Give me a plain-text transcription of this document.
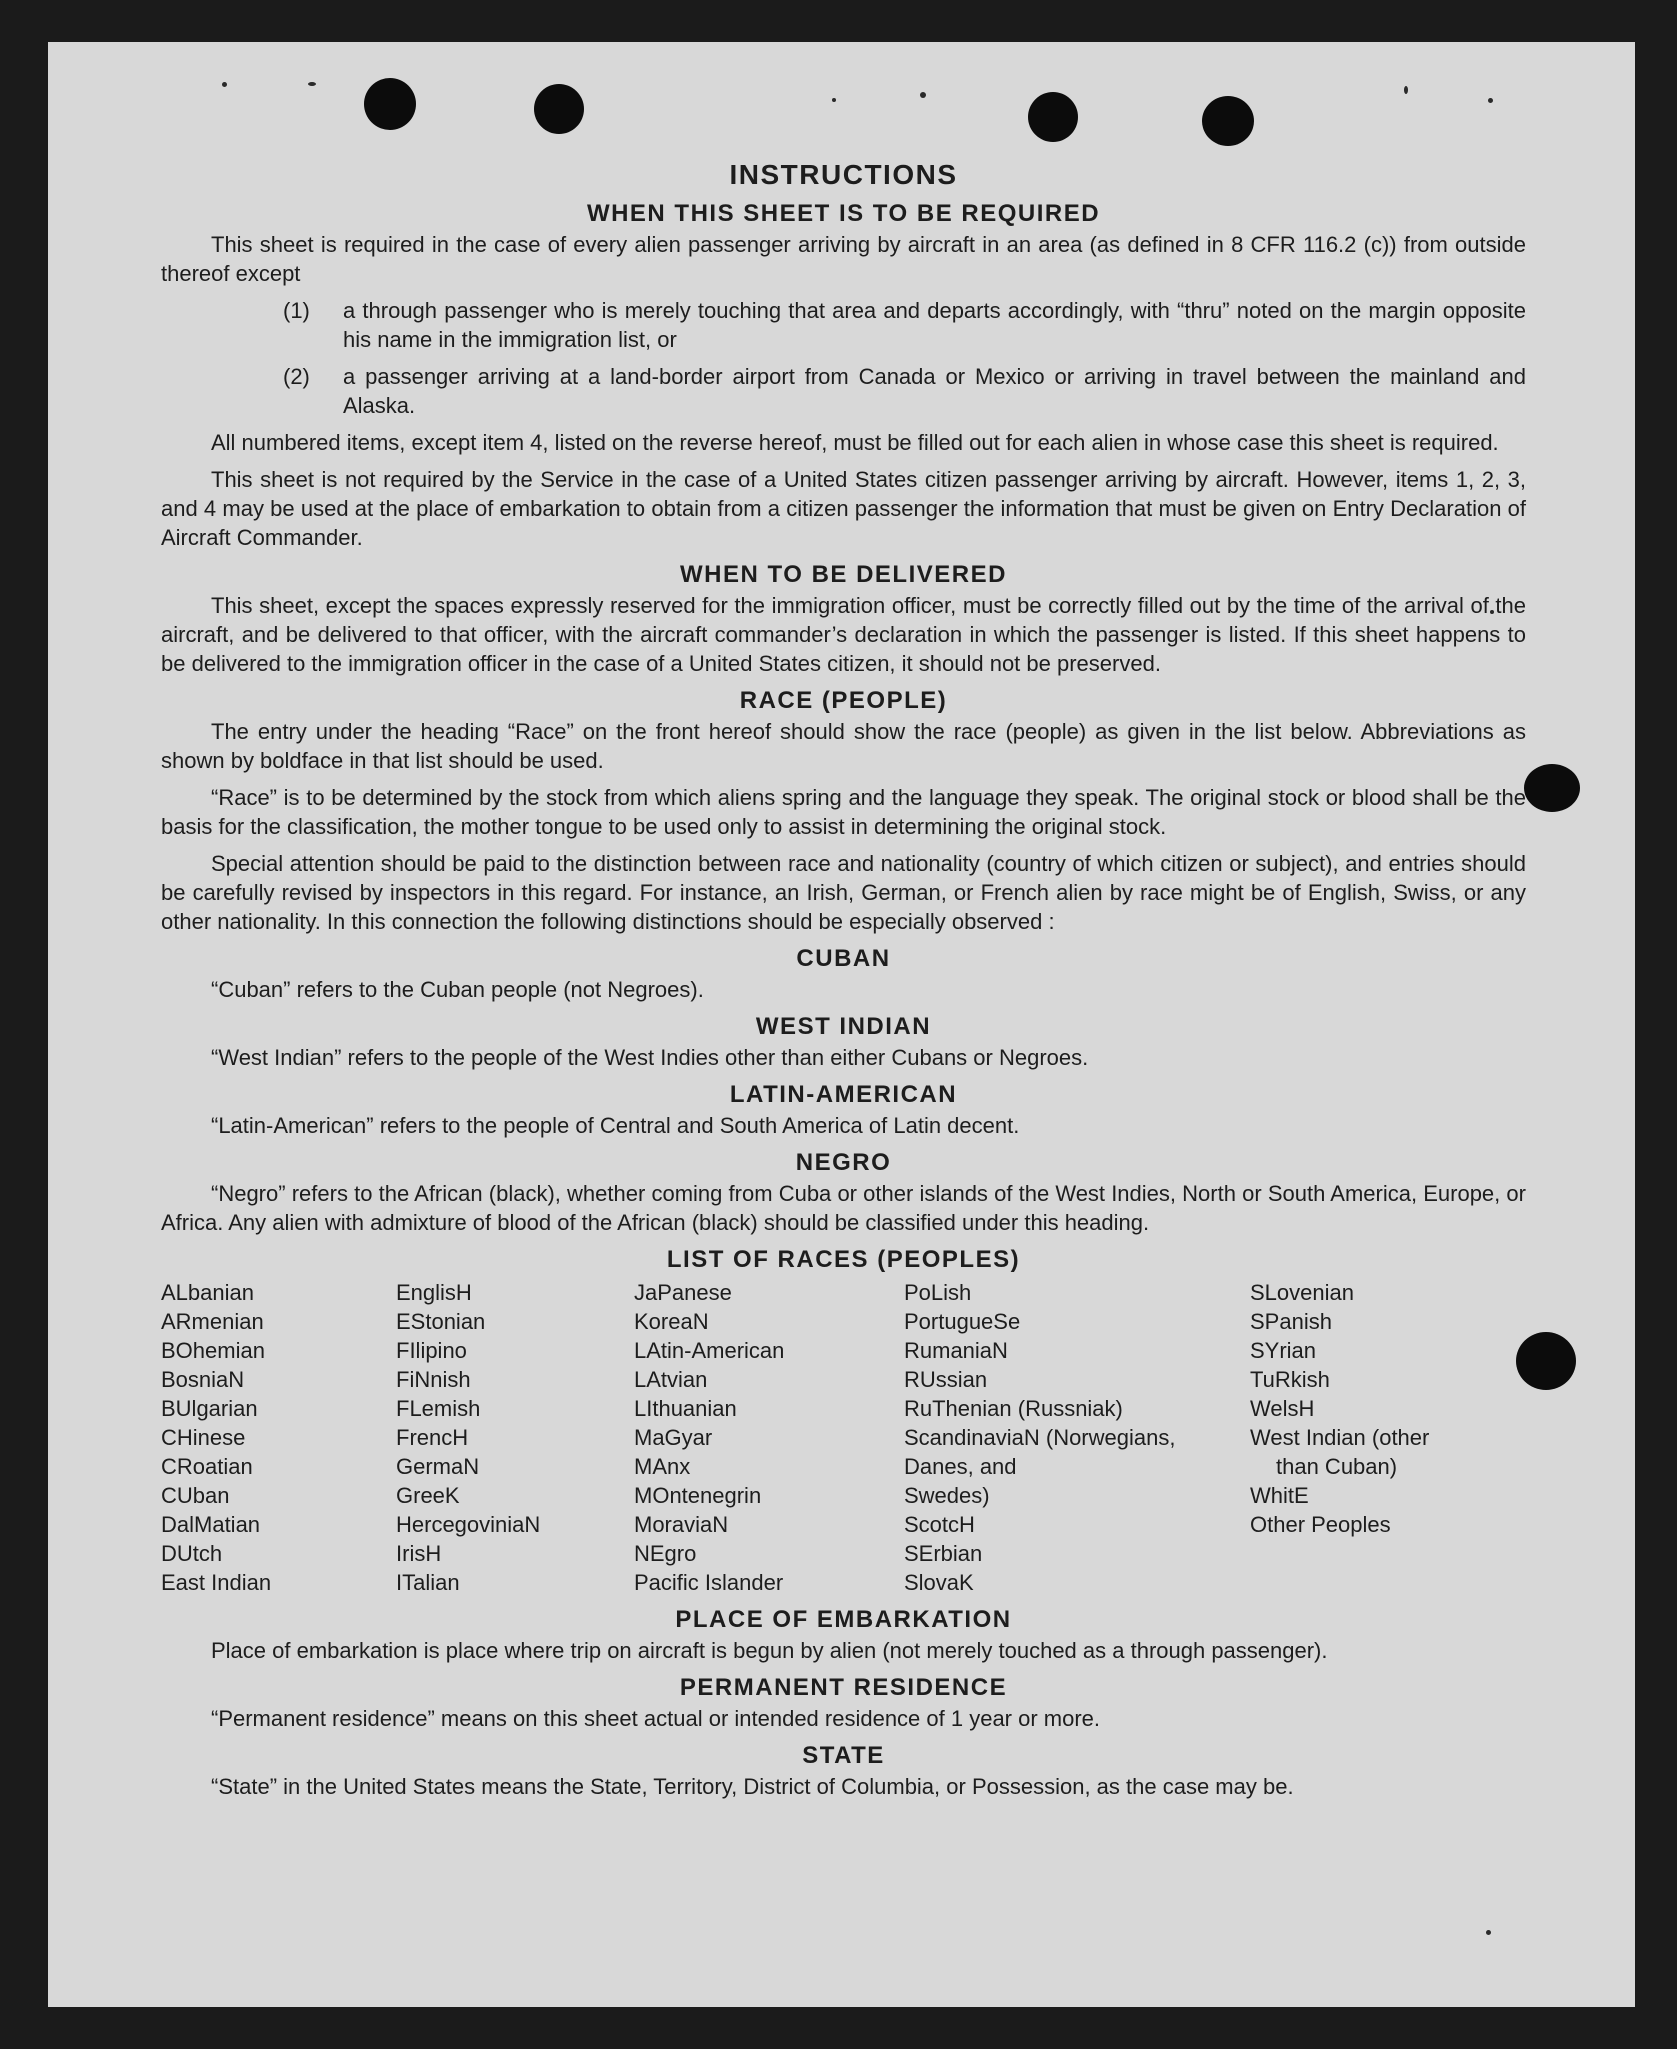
INSTRUCTIONS
WHEN THIS SHEET IS TO BE REQUIRED

This sheet is required in the case of every alien passenger arriving by aircraft in an area (as defined in 8 CFR 116.2 (c)) from outside thereof except

(1)	a through passenger who is merely touching that area and departs accordingly, with “thru” noted on the margin opposite his name in the immigration list, or
(2)	a passenger arriving at a land-border airport from Canada or Mexico or arriving in travel between the mainland and Alaska.

All numbered items, except item 4, listed on the reverse hereof, must be filled out for each alien in whose case this sheet is required.

This sheet is not required by the Service in the case of a United States citizen passenger arriving by aircraft. However, items 1, 2, 3, and 4 may be used at the place of embarkation to obtain from a citizen passenger the information that must be given on Entry Declaration of Aircraft Commander.

WHEN TO BE DELIVERED

This sheet, except the spaces expressly reserved for the immigration officer, must be correctly filled out by the time of the arrival of the aircraft, and be delivered to that officer, with the aircraft commander’s declaration in which the passenger is listed. If this sheet happens to be delivered to the immigration officer in the case of a United States citizen, it should not be preserved.

RACE (PEOPLE)

The entry under the heading “Race” on the front hereof should show the race (people) as given in the list below. Abbreviations as shown by boldface in that list should be used.

“Race” is to be determined by the stock from which aliens spring and the language they speak. The original stock or blood shall be the basis for the classification, the mother tongue to be used only to assist in determining the original stock.

Special attention should be paid to the distinction between race and nationality (country of which citizen or subject), and entries should be carefully revised by inspectors in this regard. For instance, an Irish, German, or French alien by race might be of English, Swiss, or any other nationality. In this connection the following distinctions should be especially observed :

CUBAN

“Cuban” refers to the Cuban people (not Negroes).

WEST INDIAN

“West Indian” refers to the people of the West Indies other than either Cubans or Negroes.

LATIN-AMERICAN

“Latin-American” refers to the people of Central and South America of Latin decent.

NEGRO

“Negro” refers to the African (black), whether coming from Cuba or other islands of the West Indies, North or South America, Europe, or Africa. Any alien with admixture of blood of the African (black) should be classified under this heading.

LIST OF RACES (PEOPLES)
ALbanian
ARmenian
BOhemian
BosniaN
BUlgarian
CHinese
CRoatian
CUban
DalMatian
DUtch
East Indian
EnglisH
EStonian
FIlipino
FiNnish
FLemish
FrencH
GermaN
GreeK
HercegovinіaN
IrisH
ITalian
JaPanese
KoreaN
LAtin-American
LAtvian
LIthuanian
MaGyar
MAnx
MOntenegrin
MoraviaN
NEgro
Pacific Islander
PoLish
PortugueSe
RumaniaN
RUssian
RuThenian (Russniak)
ScandinaviaN (Norwegians,
Danes, and
Swedes)
ScotcH
SErbian
SlovaK
SLovenian
SPanish
SYrian
TuRkish
WelsH
West Indian (other
than Cuban)
WhitE
Other Peoples
PLACE OF EMBARKATION

Place of embarkation is place where trip on aircraft is begun by alien (not merely touched as a through passenger).

PERMANENT RESIDENCE

“Permanent residence” means on this sheet actual or intended residence of 1 year or more.

STATE

“State” in the United States means the State, Territory, District of Columbia, or Possession, as the case may be.
